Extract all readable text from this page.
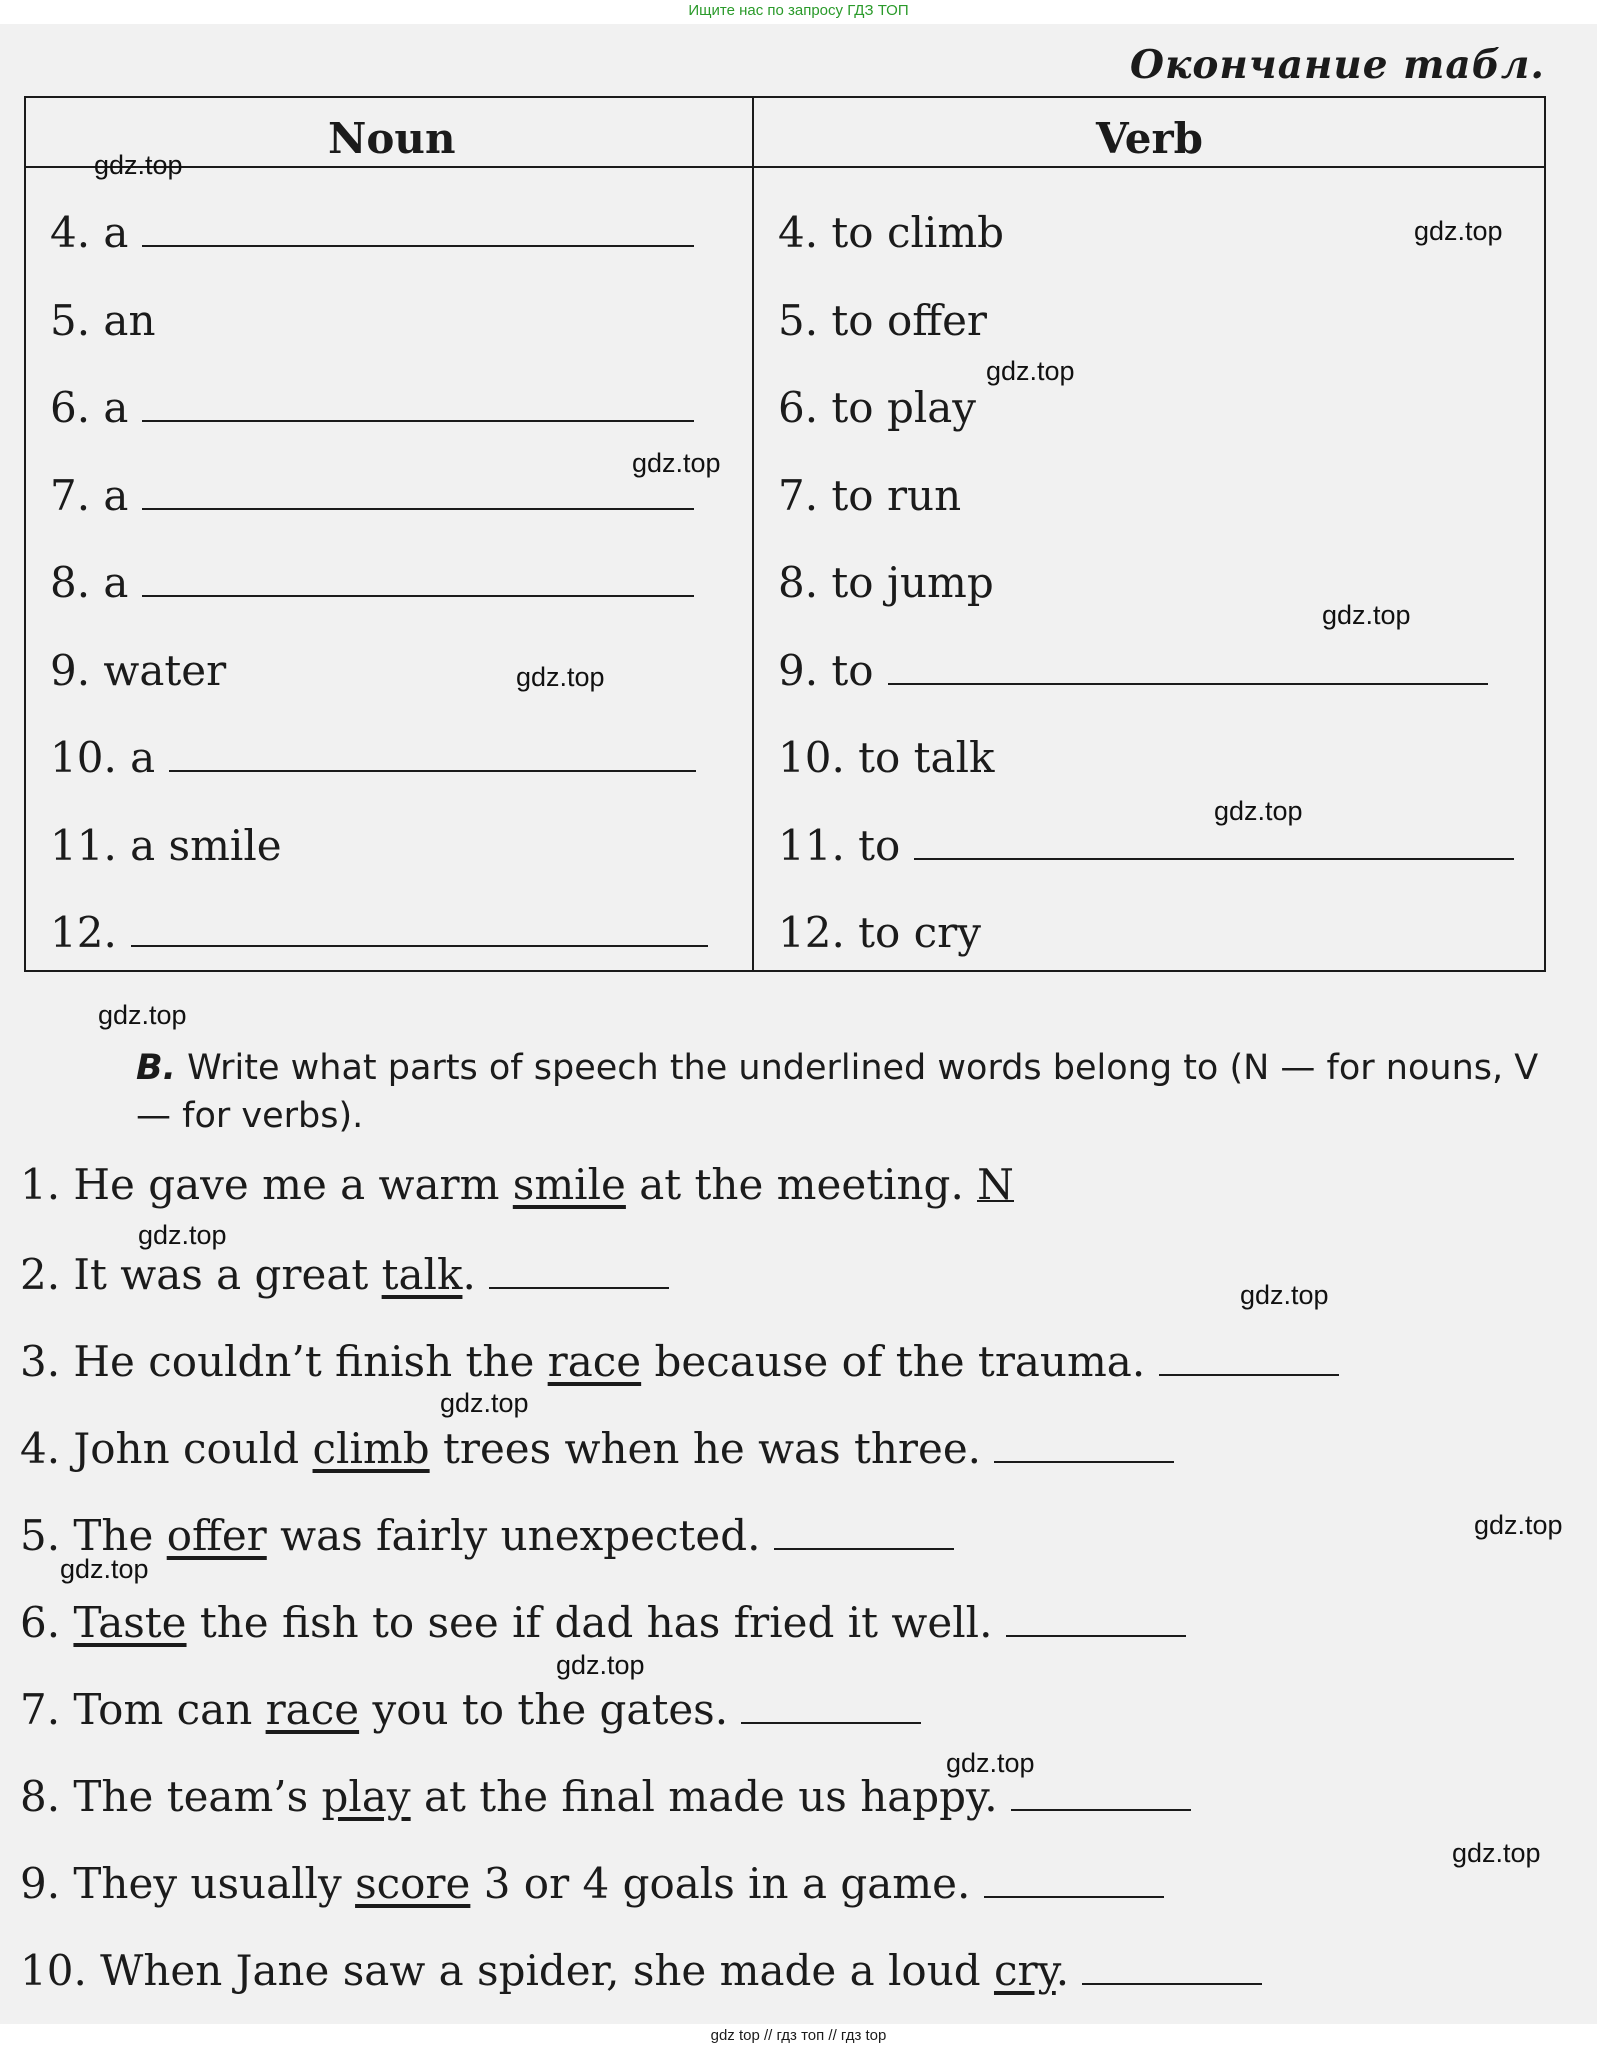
Ищите нас по запросу ГДЗ ТОП
Окончание табл.
Noun	Verb
4. a	4. to climb
5. an	5. to offer
6. a	6. to play
7. a	7. to run
8. a	8. to jump
9. water	9. to
10. a	10. to talk
11. a smile	11. to
12.	12. to cry
B. Write what parts of speech the underlined words belong to (N — for nouns, V — for verbs).
1. He gave me a warm smile at the meeting. N
2. It was a great talk.
3. He couldn’t finish the race because of the trauma.
4. John could climb trees when he was three.
5. The offer was fairly unexpected.
6. Taste the fish to see if dad has fried it well.
7. Tom can race you to the gates.
8. The team’s play at the final made us happy.
9. They usually score 3 or 4 goals in a game.
10. When Jane saw a spider, she made a loud cry.
gdz.top
gdz.top
gdz.top
gdz.top
gdz.top
gdz.top
gdz.top
gdz.top
gdz.top
gdz.top
gdz.top
gdz.top
gdz.top
gdz.top
gdz.top
gdz.top
gdz top // гдз топ // гдз top
